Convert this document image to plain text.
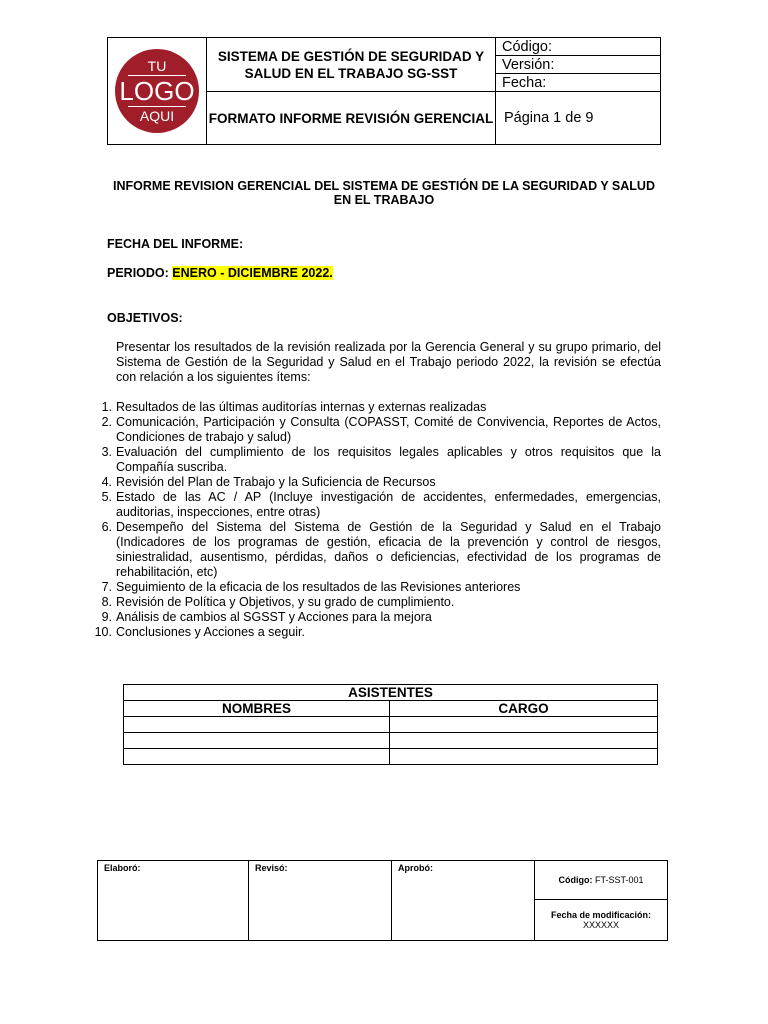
TU
LOGO
AQUI	SISTEMA DE GESTIÓN DE SEGURIDAD Y SALUD EN EL TRABAJO SG-SST	Código:
		Versión:
		Fecha:
	FORMATO INFORME REVISIÓN GERENCIAL	Página 1 de 9
INFORME REVISION GERENCIAL DEL SISTEMA DE GESTIÓN DE LA SEGURIDAD Y SALUD EN EL TRABAJO
FECHA DEL INFORME:
PERIODO: ENERO - DICIEMBRE 2022.
OBJETIVOS:
Presentar los resultados de la revisión realizada por la Gerencia General y su grupo primario, del Sistema de Gestión de la Seguridad y Salud en el Trabajo periodo 2022, la revisión se efectúa con relación a los siguientes ítems:
1. Resultados de las últimas auditorías internas y externas realizadas
2. Comunicación, Participación y Consulta (COPASST, Comité de Convivencia, Reportes de Actos, Condiciones de trabajo y salud)
3. Evaluación del cumplimiento de los requisitos legales aplicables y otros requisitos que la Compañía suscriba.
4. Revisión del Plan de Trabajo y la Suficiencia de Recursos
5. Estado de las AC / AP (Incluye investigación de accidentes, enfermedades, emergencias, auditorias, inspecciones, entre otras)
6. Desempeño del Sistema del Sistema de Gestión de la Seguridad y Salud en el Trabajo (Indicadores de los programas de gestión, eficacia de la prevención y control de riesgos, siniestralidad, ausentismo, pérdidas, daños o deficiencias, efectividad de los programas de rehabilitación, etc)
7. Seguimiento de la eficacia de los resultados de las Revisiones anteriores
8. Revisión de Política y Objetivos, y su grado de cumplimiento.
9. Análisis de cambios al SGSST y Acciones para la mejora
10. Conclusiones y Acciones a seguir.
ASISTENTES	
NOMBRES	CARGO

Elaboró:	Revisó:	Aprobó:	Código: FT-SST-001
Fecha de modificación:
XXXXXX
